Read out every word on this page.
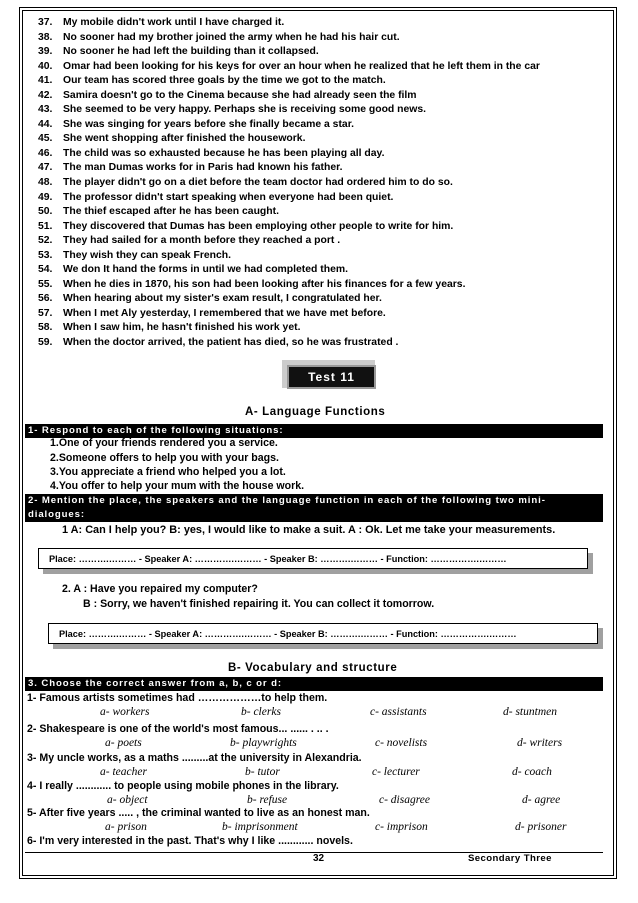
37.	My mobile didn't work until I have charged it.
38.	No sooner had my brother joined the army when he had his hair cut.
39.	No sooner he had left the building than it collapsed.
40.	Omar had been looking for his keys for over an hour when he realized that he left them in the car
41.	Our team has scored three goals by the time we got to the match.
42.	Samira doesn't go to the Cinema because she had already seen the film
43.	She seemed to be very happy. Perhaps she is receiving some good news.
44.	She was singing for years before she finally became a star.
45.	She went shopping after finished the housework.
46.	The child was so exhausted because he has been playing all day.
47.	The man Dumas works for in Paris had known his father.
48.	The player didn't go on a diet before the team doctor had ordered him to do so.
49.	The professor didn't start speaking when everyone had been quiet.
50.	The thief escaped after he has been caught.
51.	They discovered that Dumas has been employing other people to write for him.
52.	They had sailed for a month before they reached a port .
53.	They wish they can speak French.
54.	We don It hand the forms in until we had completed them.
55.	When he dies in 1870, his son had been looking after his finances for a few years.
56.	When hearing about my sister's exam result, I congratulated her.
57.	When I met Aly yesterday, I remembered that we have met before.
58.	When I saw him, he hasn't finished his work yet.
59.	When the doctor arrived, the patient has died, so he was frustrated .
Test 11
A- Language Functions
1- Respond to each of the following situations:
1.One of your friends rendered you a service.
2.Someone offers to help you with your bags.
3.You appreciate a friend who helped you a lot.
4.You offer to help your mum with the house work.
2- Mention the place, the speakers and the language function in each of the following two mini-
dialogues:
1 A: Can I help you? B: yes, I would like to make a suit. A : Ok. Let me take your measurements.
Place: ……….……… - Speaker A: ………….……… - Speaker B: ……….……… - Function: …………….………
2. A : Have you repaired my computer?
B : Sorry, we haven't finished repairing it. You can collect it tomorrow.
Place: ……….……… - Speaker A: ………….……… - Speaker B: ……….……… - Function: …………….………
B- Vocabulary and structure
3. Choose the correct answer from a, b, c or d:
1- Famous artists sometimes had ………………to help them.
a- workers	b- clerks	c- assistants	d- stuntmen
2- Shakespeare is one of the world's most famous... ...... . .. .
a- poets	b- playwrights	c- novelists	d- writers
3- My uncle works, as a maths .........at the university in Alexandria.
a- teacher	b- tutor	c- lecturer	d- coach
4- I really ............ to people using mobile phones in the library.
a- object	b- refuse	c- disagree	d- agree
5- After five years ..... , the criminal wanted to live as an honest man.
a- prison	b- imprisonment	c- imprison	d- prisoner
6- I'm very interested in the past. That's why I like ............ novels.
32	Secondary Three
